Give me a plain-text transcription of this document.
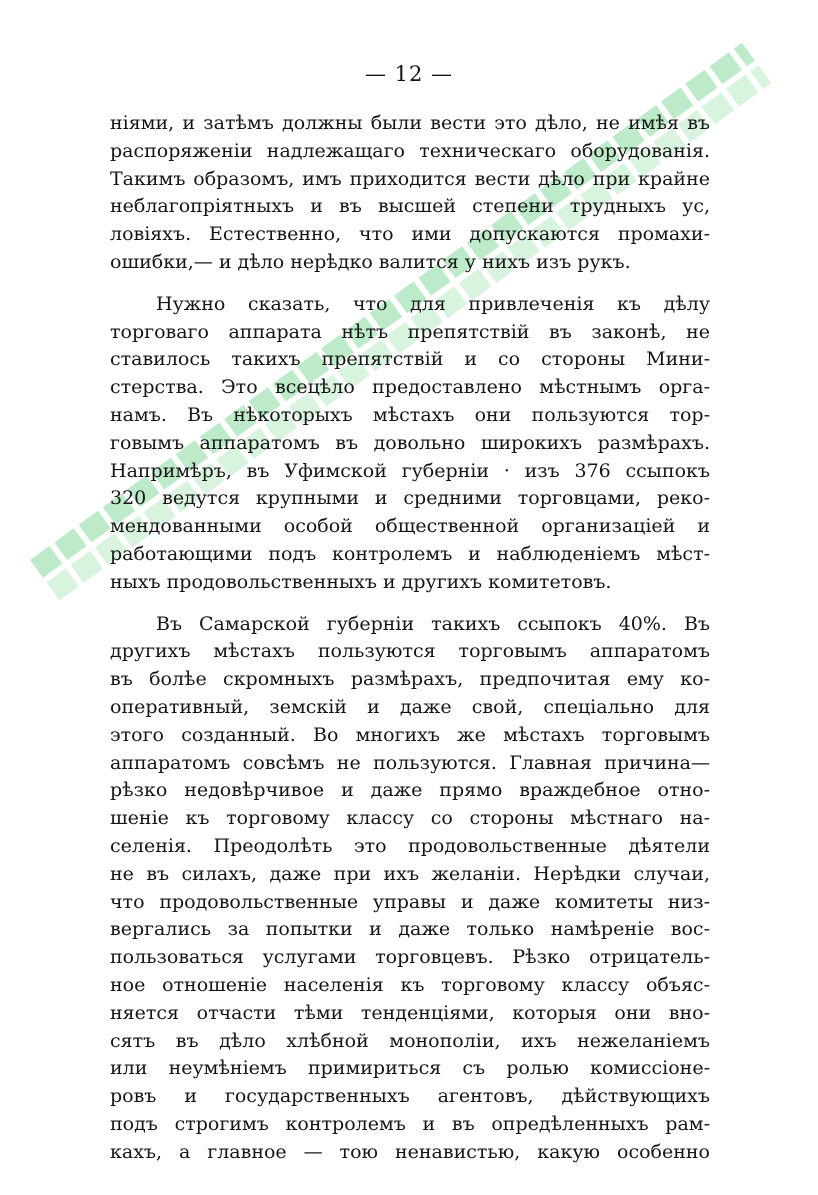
— 12 —
ніями, и затѣмъ должны были вести это дѣло, не имѣя въ
распоряженіи надлежащаго техническаго оборудованія.
Такимъ образомъ, имъ приходится вести дѣло при крайне
неблагопріятныхъ и въ высшей степени трудныхъ ус,
ловіяхъ. Естественно, что ими допускаются промахи-
ошибки,— и дѣло нерѣдко валится у нихъ изъ рукъ.
Нужно сказать, что для привлеченія къ дѣлу
торговаго аппарата нѣтъ препятствій въ законѣ, не
ставилось такихъ препятствій и со стороны Мини-
стерства. Это всецѣло предоставлено мѣстнымъ орга-
намъ. Въ нѣкоторыхъ мѣстахъ они пользуются тор-
говымъ аппаратомъ въ довольно широкихъ размѣрахъ.
Напримѣръ, въ Уфимской губерніи · изъ 376 ссыпокъ
320 ведутся крупными и средними торговцами, реко-
мендованными особой общественной организаціей и
работающими подъ контролемъ и наблюденіемъ мѣст-
ныхъ продовольственныхъ и другихъ комитетовъ.
Въ Самарской губерніи такихъ ссыпокъ 40%. Въ
другихъ мѣстахъ пользуются торговымъ аппаратомъ
въ болѣе скромныхъ размѣрахъ, предпочитая ему ко-
оперативный, земскій и даже свой, спеціально для
этого созданный. Во многихъ же мѣстахъ торговымъ
аппаратомъ совсѣмъ не пользуются. Главная причина—
рѣзко недовѣрчивое и даже прямо враждебное отно-
шеніе къ торговому классу со стороны мѣстнаго на-
селенія. Преодолѣть это продовольственные дѣятели
не въ силахъ, даже при ихъ желаніи. Нерѣдки случаи,
что продовольственные управы и даже комитеты низ-
вергались за попытки и даже только намѣреніе вос-
пользоваться услугами торговцевъ. Рѣзко отрицатель-
ное отношеніе населенія къ торговому классу объяс-
няется отчасти тѣми тенденціями, которыя они вно-
сятъ въ дѣло хлѣбной монополіи, ихъ нежеланіемъ
или неумѣніемъ примириться съ ролью комиссіоне-
ровъ и государственныхъ агентовъ, дѣйствующихъ
подъ строгимъ контролемъ и въ опредѣленныхъ рам-
кахъ, а главное — тою ненавистью, какую особенно
